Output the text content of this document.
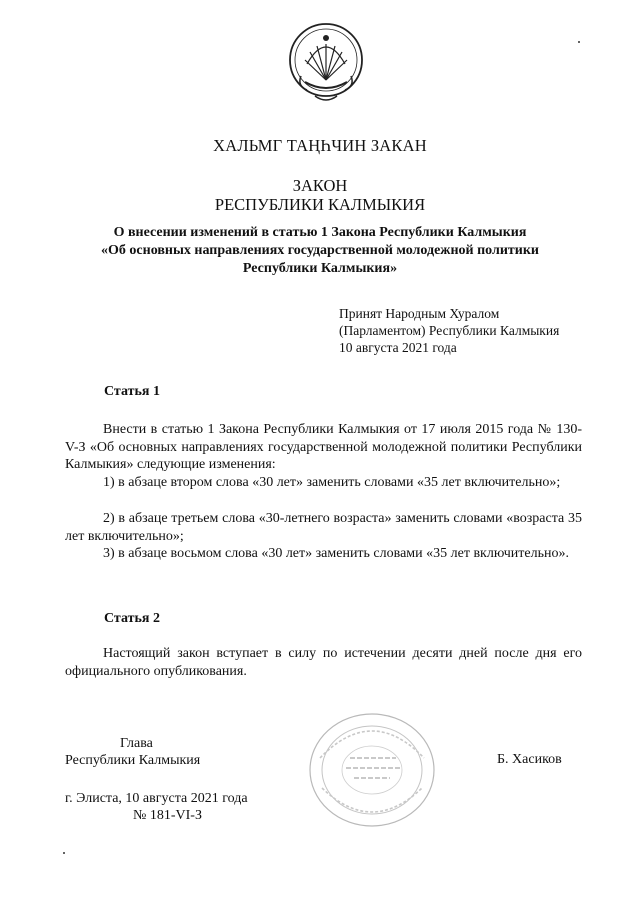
ХАЛЬМГ ТАҢҺЧИН ЗАКАН
ЗАКОН
РЕСПУБЛИКИ КАЛМЫКИЯ
О внесении изменений в статью 1 Закона Республики Калмыкия
«Об основных направлениях государственной молодежной политики
Республики Калмыкия»
Принят Народным Хуралом
(Парламентом) Республики Калмыкия
10 августа 2021 года
Статья 1
Внести в статью 1 Закона Республики Калмыкия от 17 июля 2015 года № 130-V-З «Об основных направлениях государственной молодежной политики Республики Калмыкия» следующие изменения:
1) в абзаце втором слова «30 лет» заменить словами «35 лет включительно»;
2) в абзаце третьем слова «30-летнего возраста» заменить словами «возраста 35 лет включительно»;
3) в абзаце восьмом слова «30 лет» заменить словами «35 лет включительно».
Статья 2
Настоящий закон вступает в силу по истечении десяти дней после дня его официального опубликования.
Глава
Республики Калмыкия	Б. Хасиков
г. Элиста, 10 августа 2021 года
№ 181-VI-З
